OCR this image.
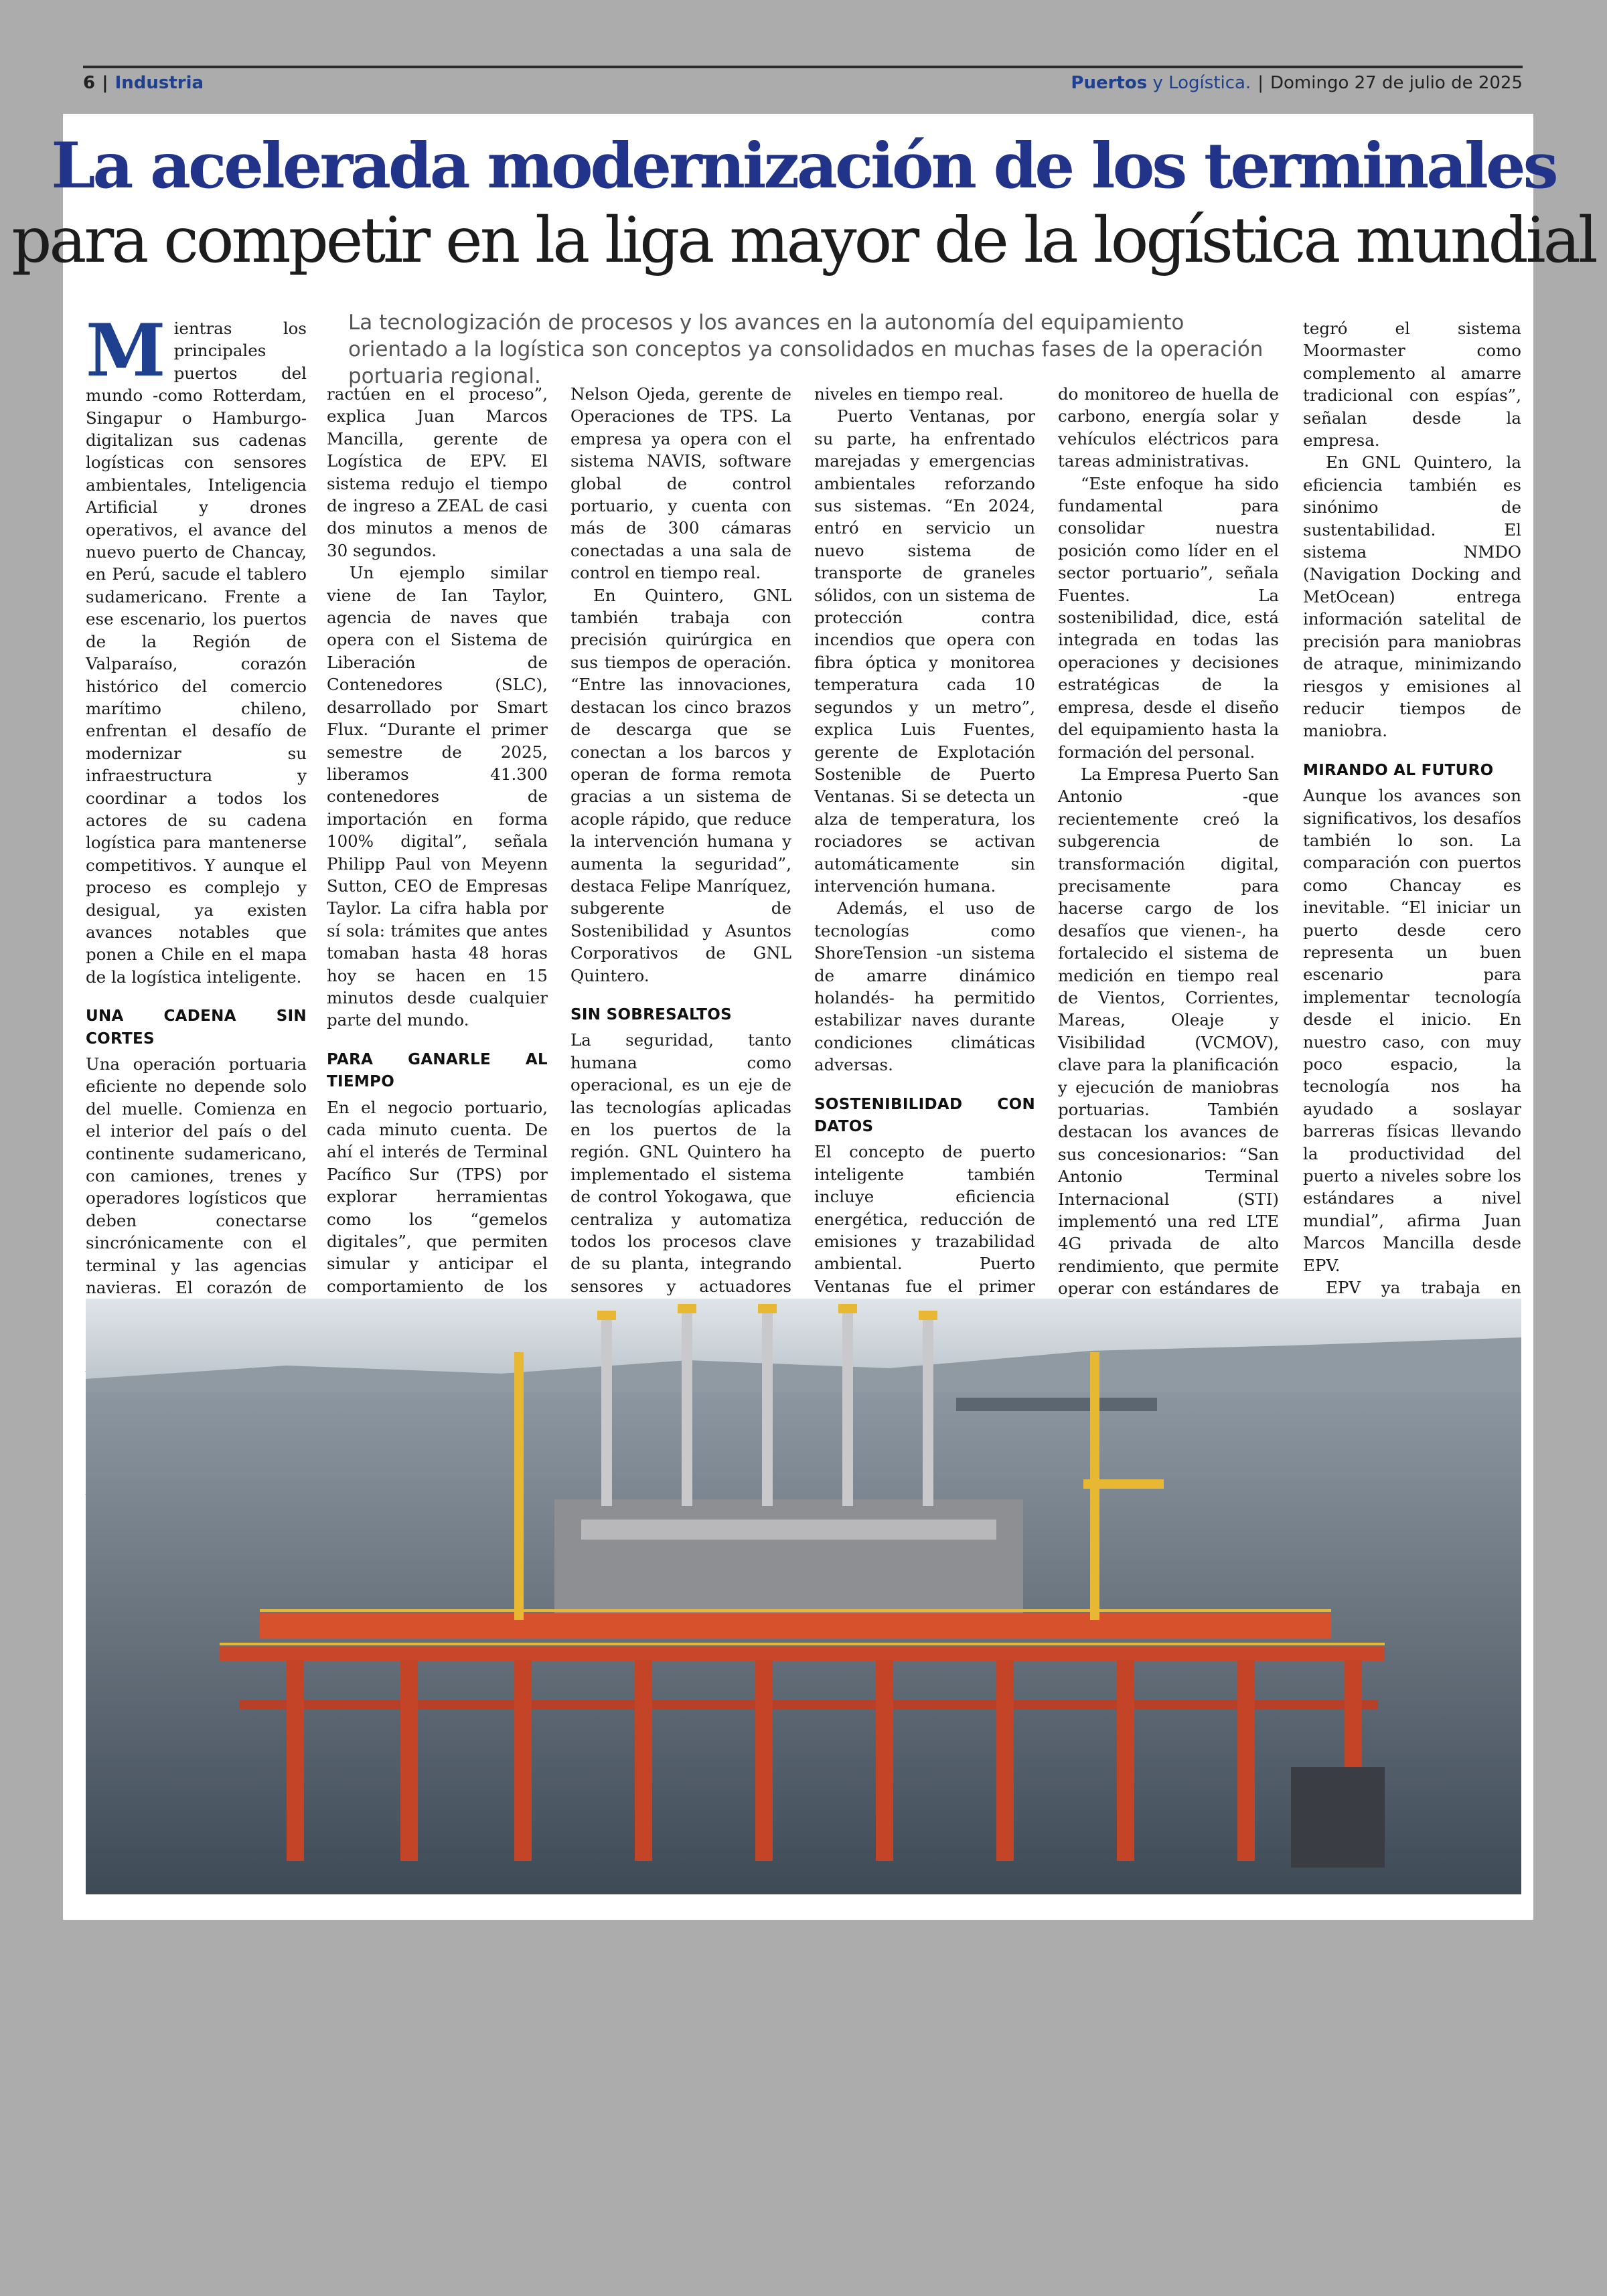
6 | Industria	Puertos y Logística. | Domingo 27 de julio de 2025
La acelerada modernización de los terminales
para competir en la liga mayor de la logística mundial
La tecnologización de procesos y los avances en la autonomía del equipamiento orientado a la logística son conceptos ya consolidados en muchas fases de la operación portuaria regional.

Mientras los principales puertos del mundo -como Rotterdam, Singapur o Hamburgo- digitalizan sus cadenas logísticas con sensores ambientales, Inteligencia Artificial y drones operativos, el avance del nuevo puerto de Chancay, en Perú, sacude el tablero sudamericano. Frente a ese escenario, los puertos de la Región de Valparaíso, corazón histórico del comercio marítimo chileno, enfrentan el desafío de modernizar su infraestructura y coordinar a todos los actores de su cadena logística para mantenerse competitivos. Y aunque el proceso es complejo y desigual, ya existen avances notables que ponen a Chile en el mapa de la logística inteligente.

UNA CADENA SIN CORTES

Una operación portuaria eficiente no depende solo del muelle. Comienza en el interior del país o del continente sudamericano, con camiones, trenes y operadores logísticos que deben conectarse sincrónicamente con el terminal y las agencias navieras. El corazón de

ractúen en el proceso”, explica Juan Marcos Mancilla, gerente de Logística de EPV. El sistema redujo el tiempo de ingreso a ZEAL de casi dos minutos a menos de 30 segundos.

Un ejemplo similar viene de Ian Taylor, agencia de naves que opera con el Sistema de Liberación de Contenedores (SLC), desarrollado por Smart Flux. “Durante el primer semestre de 2025, liberamos 41.300 contenedores de importación en forma 100% digital”, señala Philipp Paul von Meyenn Sutton, CEO de Empresas Taylor. La cifra habla por sí sola: trámites que antes tomaban hasta 48 horas hoy se hacen en 15 minutos desde cualquier parte del mundo.

PARA GANARLE AL TIEMPO

En el negocio portuario, cada minuto cuenta. De ahí el interés de Terminal Pacífico Sur (TPS) por explorar herramientas como los “gemelos digitales”, que permiten simular y anticipar el comportamiento de los

Nelson Ojeda, gerente de Operaciones de TPS. La empresa ya opera con el sistema NAVIS, software global de control portuario, y cuenta con más de 300 cámaras conectadas a una sala de control en tiempo real.

En Quintero, GNL también trabaja con precisión quirúrgica en sus tiempos de operación. “Entre las innovaciones, destacan los cinco brazos de descarga que se conectan a los barcos y operan de forma remota gracias a un sistema de acople rápido, que reduce la intervención humana y aumenta la seguridad”, destaca Felipe Manríquez, subgerente de Sostenibilidad y Asuntos Corporativos de GNL Quintero.

SIN SOBRESALTOS

La seguridad, tanto humana como operacional, es un eje de las tecnologías aplicadas en los puertos de la región. GNL Quintero ha implementado el sistema de control Yokogawa, que centraliza y automatiza todos los procesos clave de su planta, integrando sensores y actuadores

niveles en tiempo real.

Puerto Ventanas, por su parte, ha enfrentado marejadas y emergencias ambientales reforzando sus sistemas. “En 2024, entró en servicio un nuevo sistema de transporte de graneles sólidos, con un sistema de protección contra incendios que opera con fibra óptica y monitorea temperatura cada 10 segundos y un metro”, explica Luis Fuentes, gerente de Explotación Sostenible de Puerto Ventanas. Si se detecta un alza de temperatura, los rociadores se activan automáticamente sin intervención humana.

Además, el uso de tecnologías como ShoreTension -un sistema de amarre dinámico holandés- ha permitido estabilizar naves durante condiciones climáticas adversas.

SOSTENIBILIDAD CON DATOS

El concepto de puerto inteligente también incluye eficiencia energética, reducción de emisiones y trazabilidad ambiental. Puerto Ventanas fue el primer

do monitoreo de huella de carbono, energía solar y vehículos eléctricos para tareas administrativas.

“Este enfoque ha sido fundamental para consolidar nuestra posición como líder en el sector portuario”, señala Fuentes. La sostenibilidad, dice, está integrada en todas las operaciones y decisiones estratégicas de la empresa, desde el diseño del equipamiento hasta la formación del personal.

La Empresa Puerto San Antonio -que recientemente creó la subgerencia de transformación digital, precisamente para hacerse cargo de los desafíos que vienen-, ha fortalecido el sistema de medición en tiempo real de Vientos, Corrientes, Mareas, Oleaje y Visibilidad (VCMOV), clave para la planificación y ejecución de maniobras portuarias. También destacan los avances de sus concesionarios: “San Antonio Terminal Internacional (STI) implementó una red LTE 4G privada de alto rendimiento, que permite operar con estándares de

tegró el sistema Moormaster como complemento al amarre tradicional con espías”, señalan desde la empresa.

En GNL Quintero, la eficiencia también es sinónimo de sustentabilidad. El sistema NMDO (Navigation Docking and MetOcean) entrega información satelital de precisión para maniobras de atraque, minimizando riesgos y emisiones al reducir tiempos de maniobra.

MIRANDO AL FUTURO

Aunque los avances son significativos, los desafíos también lo son. La comparación con puertos como Chancay es inevitable. “El iniciar un puerto desde cero representa un buen escenario para implementar tecnología desde el inicio. En nuestro caso, con muy poco espacio, la tecnología nos ha ayudado a soslayar barreras físicas llevando la productividad del puerto a niveles sobre los estándares a nivel mundial”, afirma Juan Marcos Mancilla desde EPV.

EPV ya trabaja en
